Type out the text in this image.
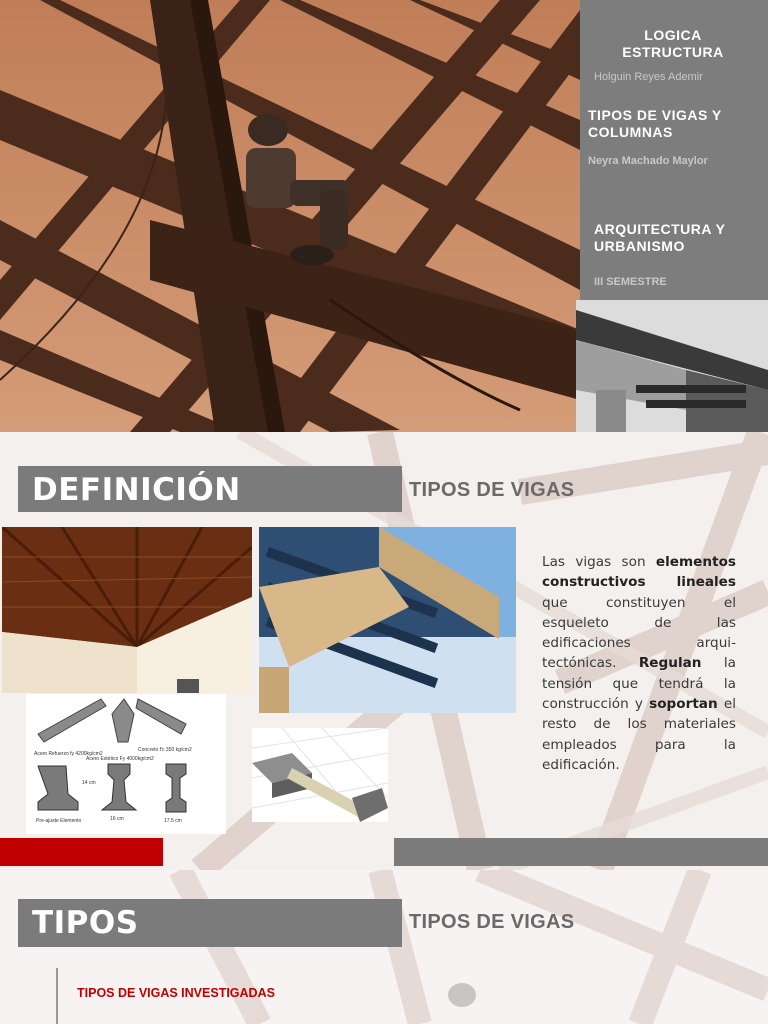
LOGICA ESTRUCTURA
Holguin Reyes Ademir
TIPOS DE VIGAS Y COLUMNAS
Neyra Machado Maylor
ARQUITECTURA Y URBANISMO
III SEMESTRE
DEFINICIÓN	TIPOS DE VIGAS
Acero Refuerzo fy 4200kg/cm2
Concreto f'c 350 kg/cm2
Acero Estético Fy 4000kg/cm2
Pre-ajuste Elemento
14 cm
16 cm	17.5 cm
Las vigas son elementos constructivos lineales que constituyen el esqueleto de las edificaciones arqui-tectónicas. Regulan la tensión que tendrá la construcción y soportan el resto de los materiales empleados para la edificación.
TIPOS	TIPOS DE VIGAS
TIPOS DE VIGAS INVESTIGADAS
